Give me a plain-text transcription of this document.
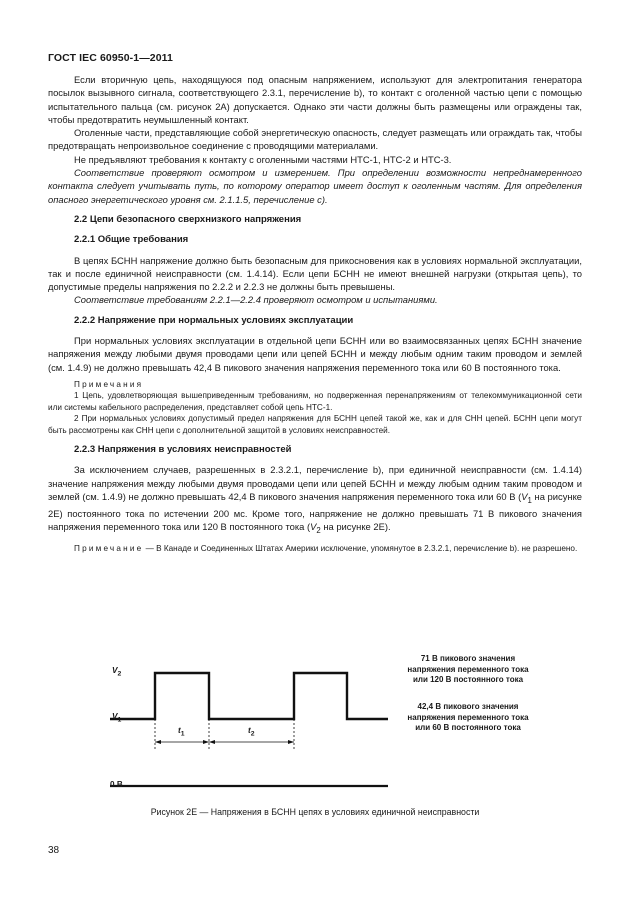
ГОСТ IEC 60950-1—2011

Если вторичную цепь, находящуюся под опасным напряжением, используют для электропитания генератора посылок вызывного сигнала, соответствующего 2.3.1, перечисление b), то контакт с оголенной частью цепи с помощью испытательного пальца (см. рисунок 2А) допускается. Однако эти части должны быть размещены или ограждены так, чтобы предотвратить неумышленный контакт.

Оголенные части, представляющие собой энергетическую опасность, следует размещать или ограждать так, чтобы предотвращать непроизвольное соединение с проводящими материалами.

Не предъявляют требования к контакту с оголенными частями НТС-1, НТС-2 и НТС-3.

Соответствие проверяют осмотром и измерением. При определении возможности непреднамеренного контакта следует учитывать путь, по которому оператор имеет доступ к оголенным частям. Для определения опасного энергетического уровня см. 2.1.1.5, перечисление с).

2.2 Цепи безопасного сверхнизкого напряжения
2.2.1 Общие требования

В цепях БСНН напряжение должно быть безопасным для прикосновения как в условиях нормальной эксплуатации, так и после единичной неисправности (см. 1.4.14). Если цепи БСНН не имеют внешней нагрузки (открытая цепь), то допустимые пределы напряжения по 2.2.2 и 2.2.3 не должны быть превышены.

Соответствие требованиям 2.2.1—2.2.4 проверяют осмотром и испытаниями.

2.2.2 Напряжение при нормальных условиях эксплуатации

При нормальных условиях эксплуатации в отдельной цепи БСНН или во взаимосвязанных цепях БСНН значение напряжения между любыми двумя проводами цепи или цепей БСНН и между любым одним таким проводом и землей (см. 1.4.9) не должно превышать 42,4 В пикового значения напряжения переменного тока или 60 В постоянного тока.

Примечания

1 Цепь, удовлетворяющая вышеприведенным требованиям, но подверженная перенапряжениям от телекоммуникационной сети или системы кабельного распределения, представляет собой цепь НТС-1.

2 При нормальных условиях допустимый предел напряжения для БСНН цепей такой же, как и для СНН цепей. БСНН цепи могут быть рассмотрены как СНН цепи с дополнительной защитой в условиях неисправностей.

2.2.3 Напряжения в условиях неисправностей

За исключением случаев, разрешенных в 2.3.2.1, перечисление b), при единичной неисправности (см. 1.4.14) значение напряжения между любыми двумя проводами цепи или цепей БСНН и между любым одним таким проводом и землей (см. 1.4.9) не должно превышать 42,4 В пикового значения напряжения переменного тока или 60 В ($V_1$ на рисунке 2Е) постоянного тока по истечении 200 мс. Кроме того, напряжение не должно превышать 71 В пикового значения напряжения переменного тока или 120 В постоянного тока ($V_2$ на рисунке 2Е).

Примечание — В Канаде и Соединенных Штатах Америки исключение, упомянутое в 2.3.2.1, перечисление b). не разрешено.

$V_2$
$V_1$
$t_1$	$t_2$
0 В
71 В пикового значения
напряжения переменного тока
или 120 В постоянного тока
42,4 В пикового значения
напряжения переменного тока
или 60 В постоянного тока
Рисунок 2Е — Напряжения в БСНН цепях в условиях единичной неисправности
38
